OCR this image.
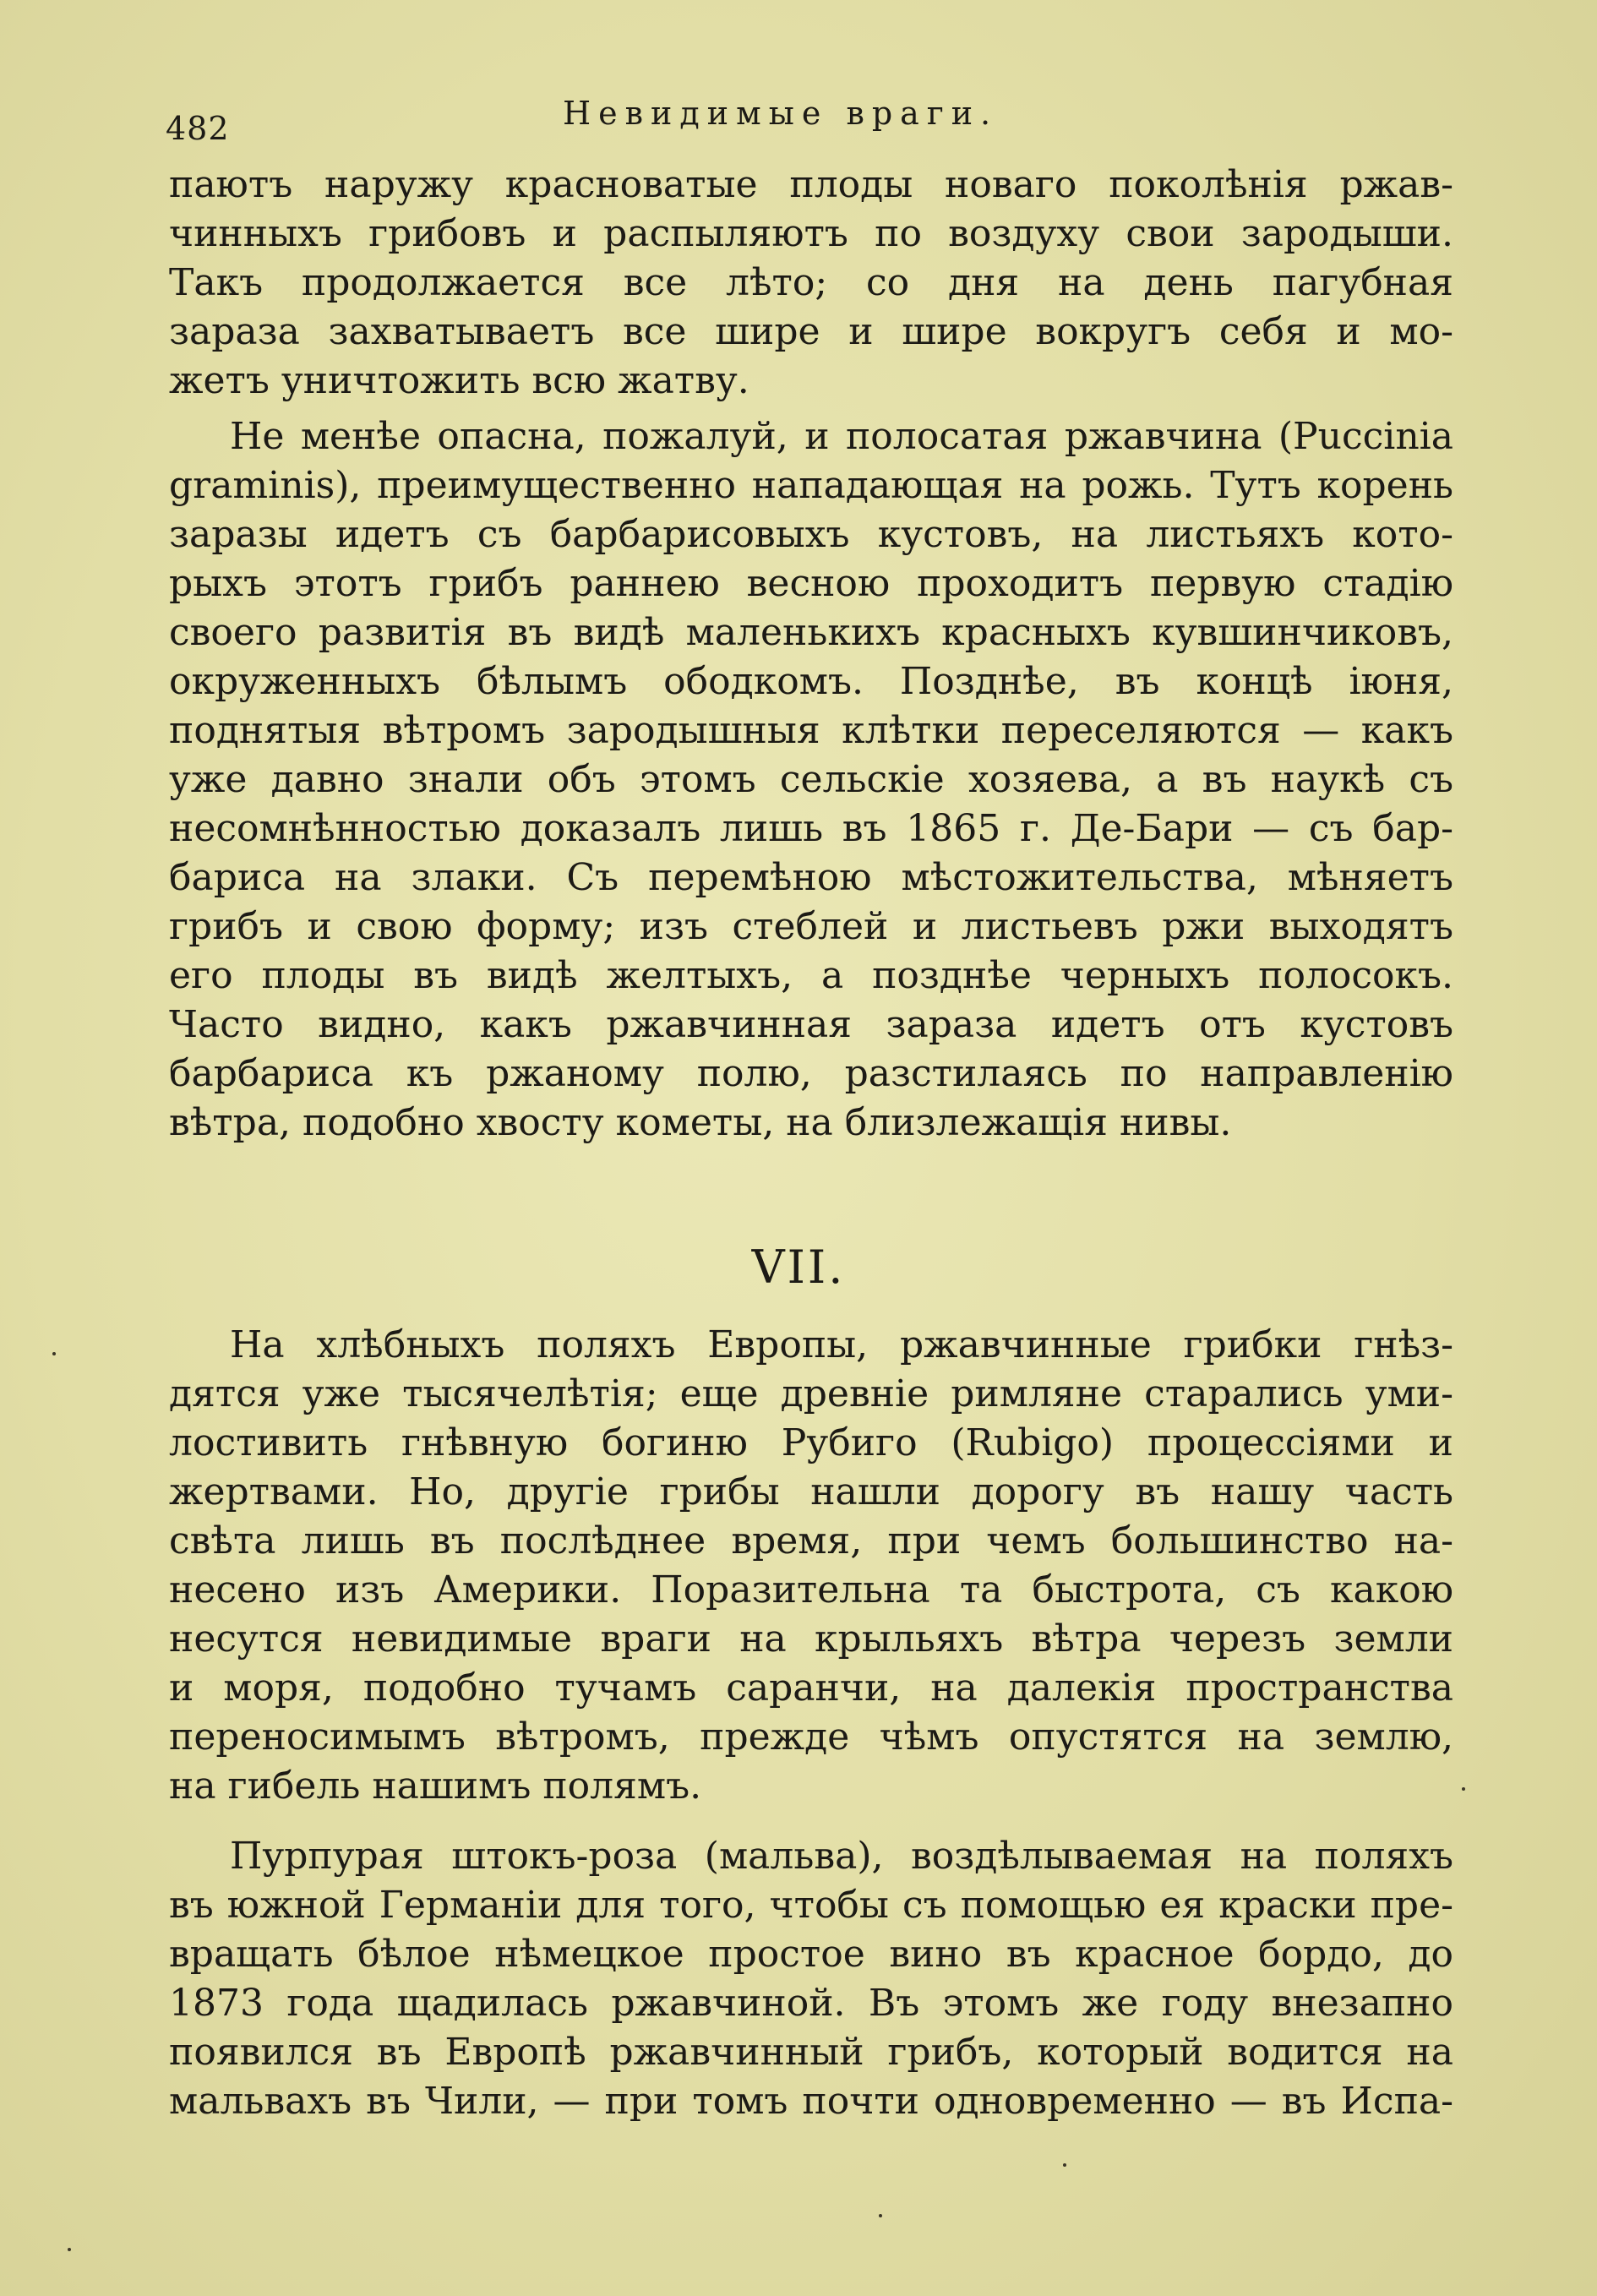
482	Невидимые враги.
паютъ наружу красноватые плоды новаго поколѣнія ржав-
чинныхъ грибовъ и распыляютъ по воздуху свои зародыши.
Такъ продолжается все лѣто; со дня на день пагубная
зараза захватываетъ все шире и шире вокругъ себя и мо-
жетъ уничтожить всю жатву.
Не менѣе опасна, пожалуй, и полосатая ржавчина (Puccinia
graminis), преимущественно нападающая на рожь. Тутъ корень
заразы идетъ съ барбарисовыхъ кустовъ, на листьяхъ кото-
рыхъ этотъ грибъ раннею весною проходитъ первую стадію
своего развитія въ видѣ маленькихъ красныхъ кувшинчиковъ,
окруженныхъ бѣлымъ ободкомъ. Позднѣе, въ концѣ іюня,
поднятыя вѣтромъ зародышныя клѣтки переселяются — какъ
уже давно знали объ этомъ сельскіе хозяева, а въ наукѣ съ
несомнѣнностью доказалъ лишь въ 1865 г. Де-Бари — съ бар-
бариса на злаки. Съ перемѣною мѣстожительства, мѣняетъ
грибъ и свою форму; изъ стеблей и листьевъ ржи выходятъ
его плоды въ видѣ желтыхъ, а позднѣе черныхъ полосокъ.
Часто видно, какъ ржавчинная зараза идетъ отъ кустовъ
барбариса къ ржаному полю, разстилаясь по направленію
вѣтра, подобно хвосту кометы, на близлежащія нивы.
VII.
На хлѣбныхъ поляхъ Европы, ржавчинные грибки гнѣз-
дятся уже тысячелѣтія; еще древніе римляне старались уми-
лостивить гнѣвную богиню Рубиго (Rubigo) процессіями и
жертвами. Но, другіе грибы нашли дорогу въ нашу часть
свѣта лишь въ послѣднее время, при чемъ большинство на-
несено изъ Америки. Поразительна та быстрота, съ какою
несутся невидимые враги на крыльяхъ вѣтра черезъ земли
и моря, подобно тучамъ саранчи, на далекія пространства
переносимымъ вѣтромъ, прежде чѣмъ опустятся на землю,
на гибель нашимъ полямъ.
Пурпурая штокъ-роза (мальва), воздѣлываемая на поляхъ
въ южной Германіи для того, чтобы съ помощью ея краски пре-
вращать бѣлое нѣмецкое простое вино въ красное бордо, до
1873 года щадилась ржавчиной. Въ этомъ же году внезапно
появился въ Европѣ ржавчинный грибъ, который водится на
мальвахъ въ Чили, — при томъ почти одновременно — въ Испа-
